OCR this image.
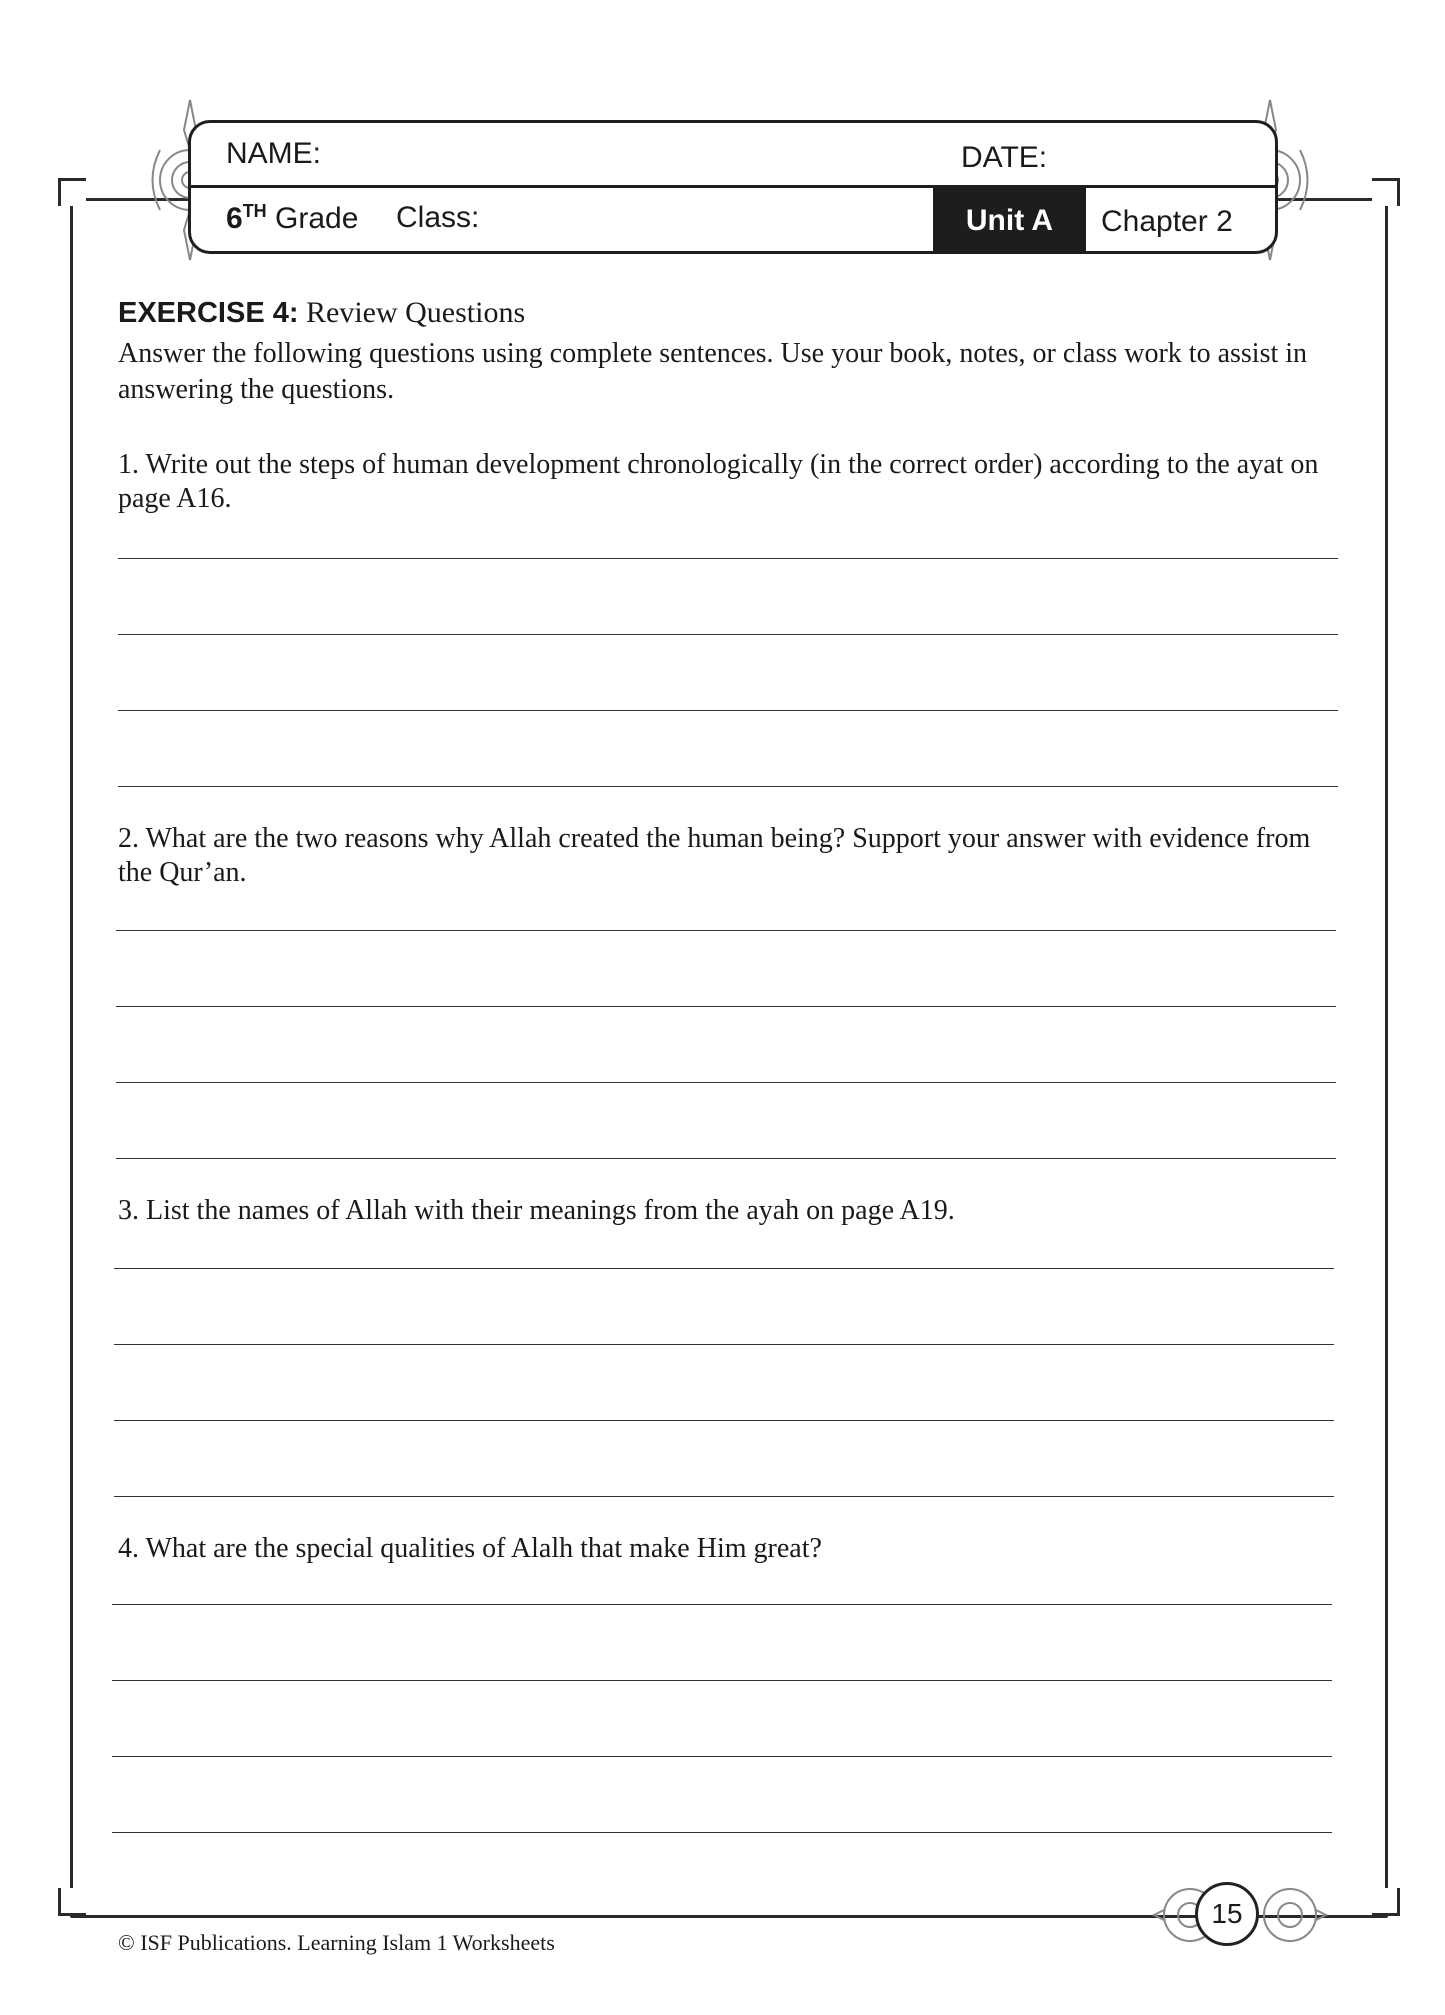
NAME:	DATE:
6TH Grade Class:	Unit A	Chapter 2
EXERCISE 4: Review Questions
Answer the following questions using complete sentences. Use your book, notes, or class work to assist in answering the questions.
1. Write out the steps of human development chronologically (in the correct order) according to the ayat on page A16.
2. What are the two reasons why Allah created the human being? Support your answer with evidence from the Qur’an.
3. List the names of Allah with their meanings from the ayah on page A19.
4. What are the special qualities of Alalh that make Him great?
© ISF Publications. Learning Islam 1 Worksheets
15
